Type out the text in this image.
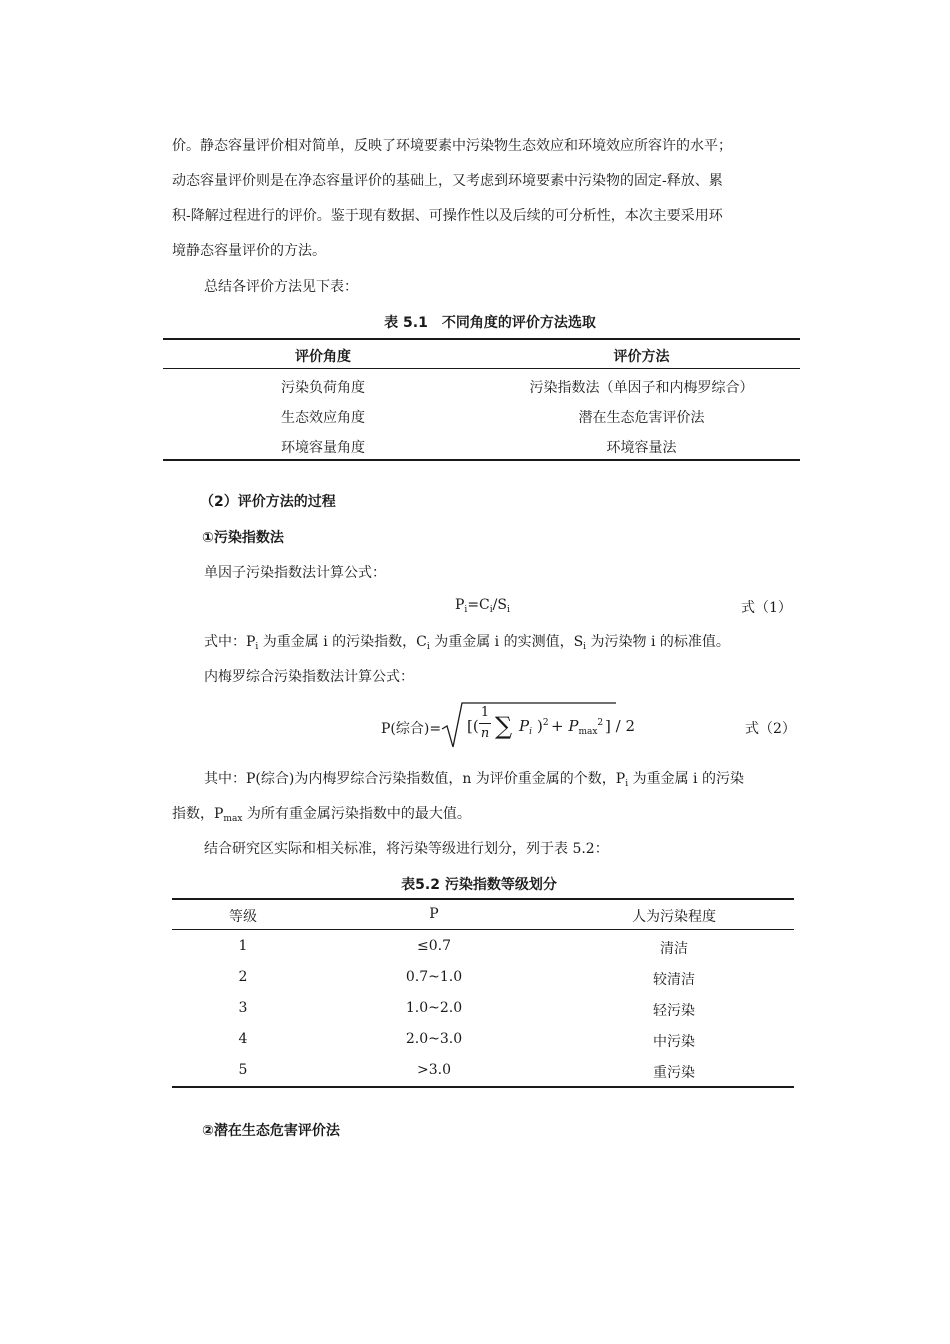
价。静态容量评价相对简单，反映了环境要素中污染物生态效应和环境效应所容许的水平；
动态容量评价则是在净态容量评价的基础上，又考虑到环境要素中污染物的固定-释放、累
积-降解过程进行的评价。鉴于现有数据、可操作性以及后续的可分析性，本次主要采用环
境静态容量评价的方法。
总结各评价方法见下表：
表 5.1　不同角度的评价方法选取
评价角度	评价方法
污染负荷角度	污染指数法（单因子和内梅罗综合）
生态效应角度	潜在生态危害评价法
环境容量角度	环境容量法
（2）评价方法的过程
①污染指数法
单因子污染指数法计算公式：
$P_i=C_i/S_i$	式（1）
式中：$P_i$ 为重金属 i 的污染指数，$C_i$ 为重金属 i 的实测值，$S_i$ 为污染物 i 的标准值。
内梅罗综合污染指数法计算公式：
P(综合)= [(
1
n ∑ $P_i$ )$^2 + P_{max}^2$ ] / 2	式（2）
其中：P(综合)为内梅罗综合污染指数值，n 为评价重金属的个数，$P_i$ 为重金属 i 的污染
指数，$P_{max}$ 为所有重金属污染指数中的最大值。
结合研究区实际和相关标准，将污染等级进行划分，列于表 5.2：
表5.2 污染指数等级划分
等级	P	人为污染程度
1	≤0.7	清洁
2	0.7~1.0	较清洁
3	1.0~2.0	轻污染
4	2.0~3.0	中污染
5	>3.0	重污染
②潜在生态危害评价法
